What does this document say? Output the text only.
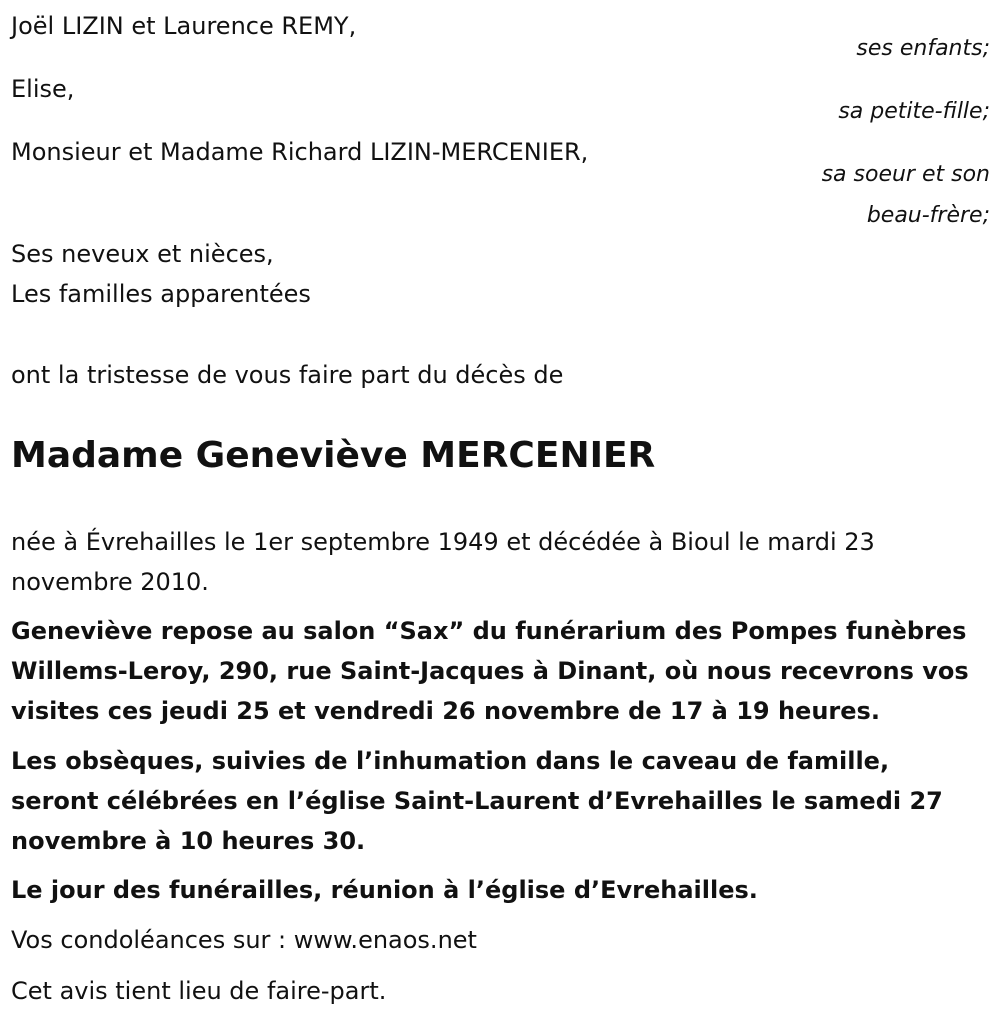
Joël LIZIN et Laurence REMY,

ses enfants;

Elise,

sa petite-fille;

Monsieur et Madame Richard LIZIN-MERCENIER,

sa soeur et son

beau-frère;

Ses neveux et nièces,

Les familles apparentées

ont la tristesse de vous faire part du décès de

Madame Geneviève MERCENIER

née à Évrehailles le 1er septembre 1949 et décédée à Bioul le mardi 23 novembre 2010.

Geneviève repose au salon “Sax” du funérarium des Pompes funèbres Willems-Leroy, 290, rue Saint-Jacques à Dinant, où nous recevrons vos visites ces jeudi 25 et vendredi 26 novembre de 17 à 19 heures.

Les obsèques, suivies de l’inhumation dans le caveau de famille, seront célébrées en l’église Saint-Laurent d’Evrehailles le samedi 27 novembre à 10 heures 30.

Le jour des funérailles, réunion à l’église d’Evrehailles.

Vos condoléances sur : www.enaos.net

Cet avis tient lieu de faire-part.
